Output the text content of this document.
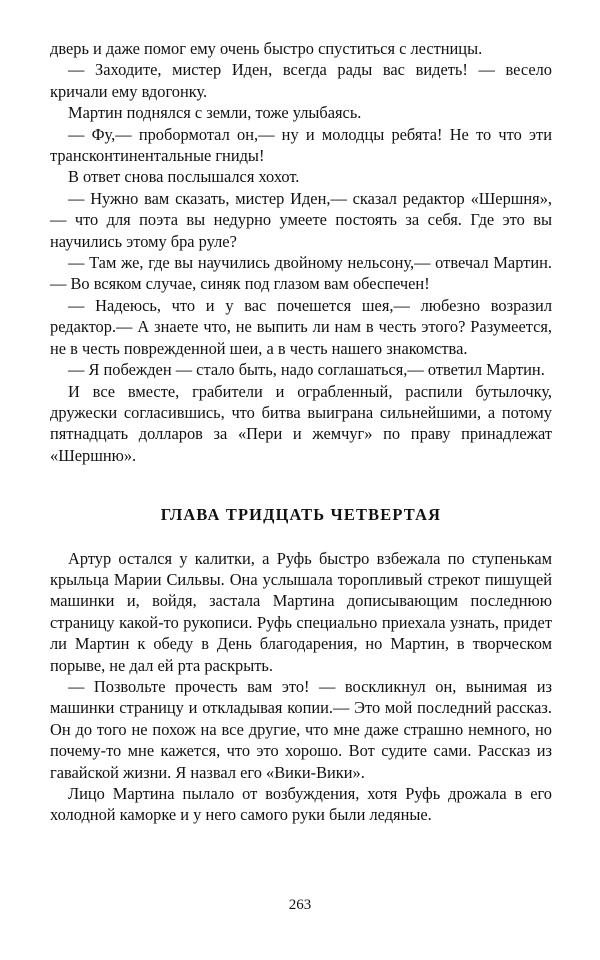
дверь и даже помог ему очень быстро спуститься с лестницы.

— Заходите, мистер Иден, всегда рады вас видеть! — весело кричали ему вдогонку.

Мартин поднялся с земли, тоже улыбаясь.

— Фу,— пробормотал он,— ну и молодцы ребята! Не то что эти трансконтинентальные гниды!

В ответ снова послышался хохот.

— Нужно вам сказать, мистер Иден,— сказал редактор «Шершня»,— что для поэта вы недурно умеете постоять за себя. Где это вы научились этому бра руле?

— Там же, где вы научились двойному нельсону,— отвечал Мартин.— Во всяком случае, синяк под глазом вам обеспечен!

— Надеюсь, что и у вас почешется шея,— любезно возразил редактор.— А знаете что, не выпить ли нам в честь этого? Разумеется, не в честь поврежденной шеи, а в честь нашего знакомства.

— Я побежден — стало быть, надо соглашаться,— ответил Мартин.

И все вместе, грабители и ограбленный, распили бутылочку, дружески согласившись, что битва выиграна сильнейшими, а потому пятнадцать долларов за «Пери и жемчуг» по праву принадлежат «Шершню».

ГЛАВА ТРИДЦАТЬ ЧЕТВЕРТАЯ

Артур остался у калитки, а Руфь быстро взбежала по ступенькам крыльца Марии Сильвы. Она услышала торопливый стрекот пишущей машинки и, войдя, застала Мартина дописывающим последнюю страницу какой-то рукописи. Руфь специально приехала узнать, придет ли Мартин к обеду в День благодарения, но Мартин, в творческом порыве, не дал ей рта раскрыть.

— Позвольте прочесть вам это! — воскликнул он, вынимая из машинки страницу и откладывая копии.— Это мой последний рассказ. Он до того не похож на все другие, что мне даже страшно немного, но почему-то мне кажется, что это хорошо. Вот судите сами. Рассказ из гавайской жизни. Я назвал его «Вики-Вики».

Лицо Мартина пылало от возбуждения, хотя Руфь дрожала в его холодной каморке и у него самого руки были ледяные.

263
